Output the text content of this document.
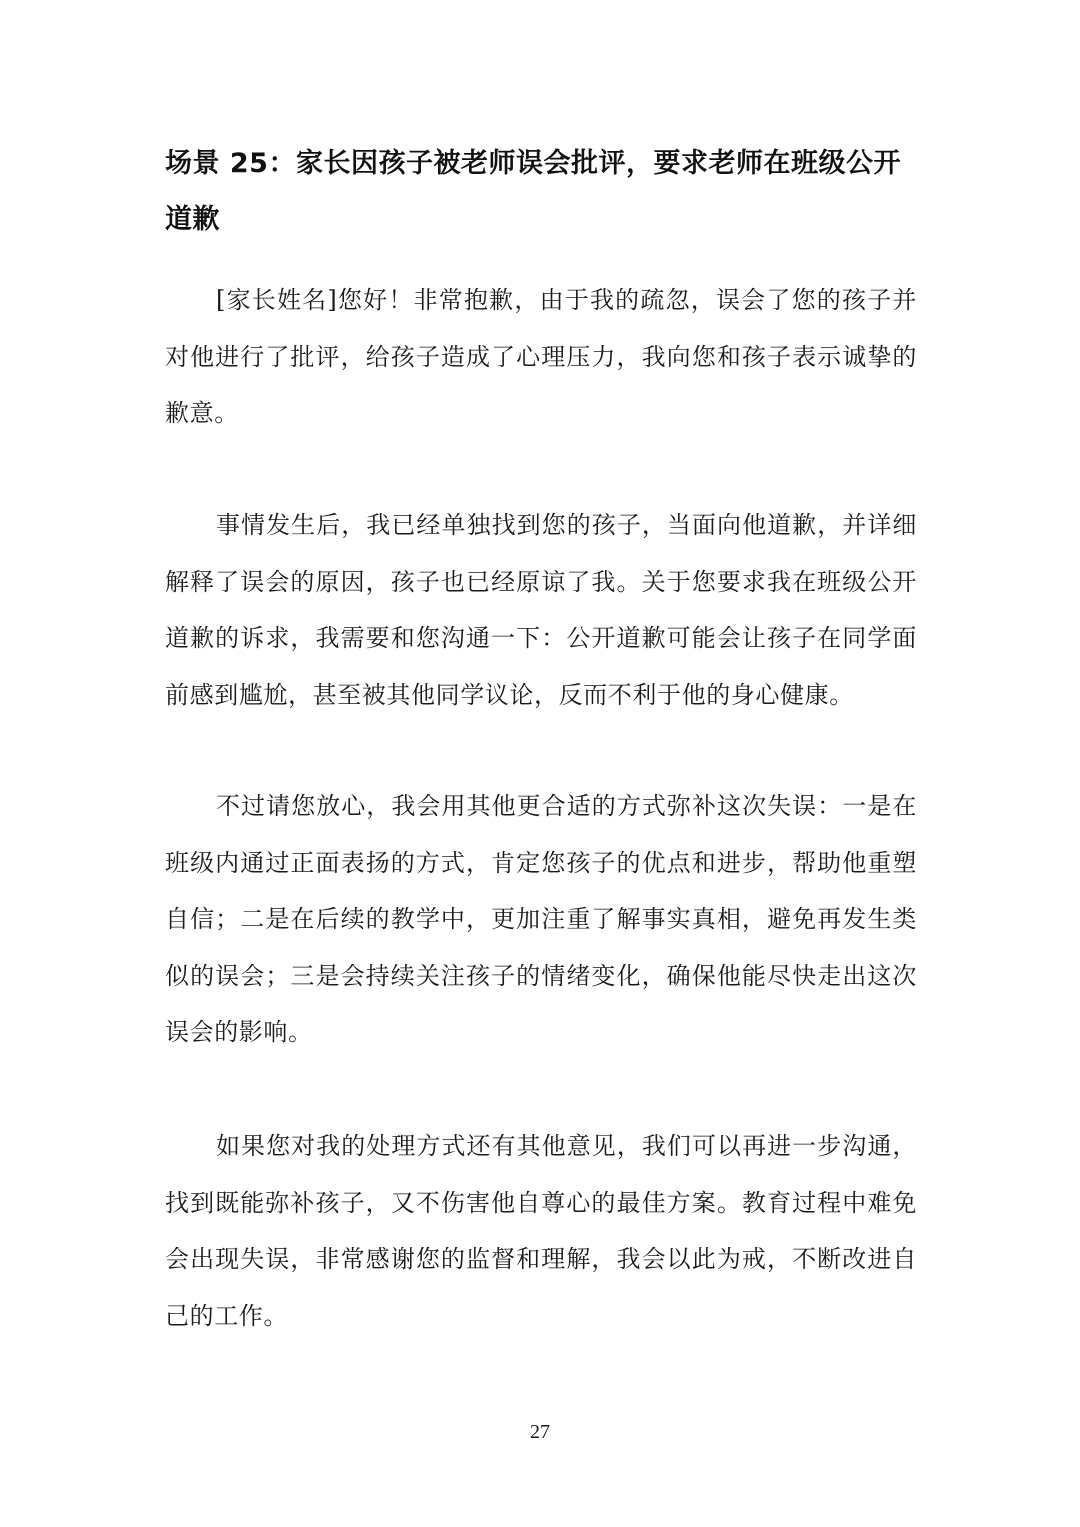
场景 25：家长因孩子被老师误会批评，要求老师在班级公开道歉

[家长姓名]您好！非常抱歉，由于我的疏忽，误会了您的孩子并对他进行了批评，给孩子造成了心理压力，我向您和孩子表示诚挚的歉意。

事情发生后，我已经单独找到您的孩子，当面向他道歉，并详细解释了误会的原因，孩子也已经原谅了我。关于您要求我在班级公开道歉的诉求，我需要和您沟通一下：公开道歉可能会让孩子在同学面前感到尴尬，甚至被其他同学议论，反而不利于他的身心健康。

不过请您放心，我会用其他更合适的方式弥补这次失误：一是在班级内通过正面表扬的方式，肯定您孩子的优点和进步，帮助他重塑自信；二是在后续的教学中，更加注重了解事实真相，避免再发生类似的误会；三是会持续关注孩子的情绪变化，确保他能尽快走出这次误会的影响。

如果您对我的处理方式还有其他意见，我们可以再进一步沟通，找到既能弥补孩子，又不伤害他自尊心的最佳方案。教育过程中难免会出现失误，非常感谢您的监督和理解，我会以此为戒，不断改进自己的工作。

27
